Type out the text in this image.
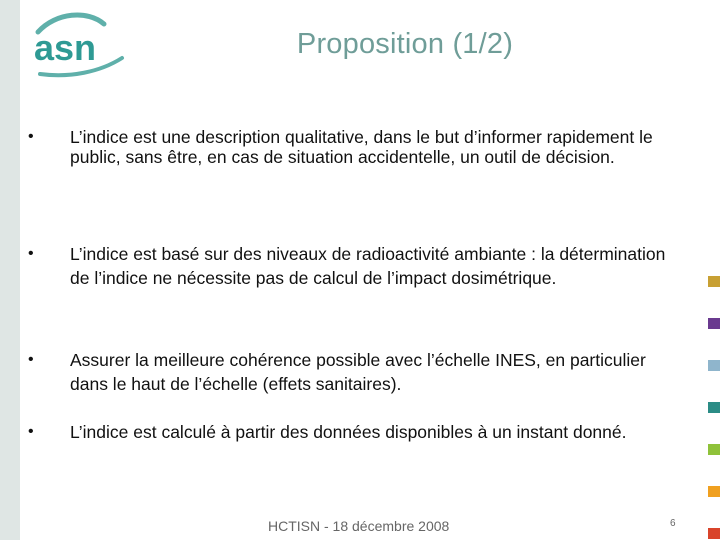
asn	Proposition (1/2)
•	L’indice est une description qualitative, dans le but d’informer rapidement le public, sans être, en cas de situation accidentelle, un outil de décision.
•	L’indice est basé sur des niveaux de radioactivité ambiante : la détermination de l’indice ne nécessite pas de calcul de l’impact dosimétrique.
•	Assurer la meilleure cohérence possible avec l’échelle INES, en particulier dans le haut de l’échelle (effets sanitaires).
•	L’indice est calculé à partir des données disponibles à un instant donné.
HCTISN - 18 décembre 2008	6
